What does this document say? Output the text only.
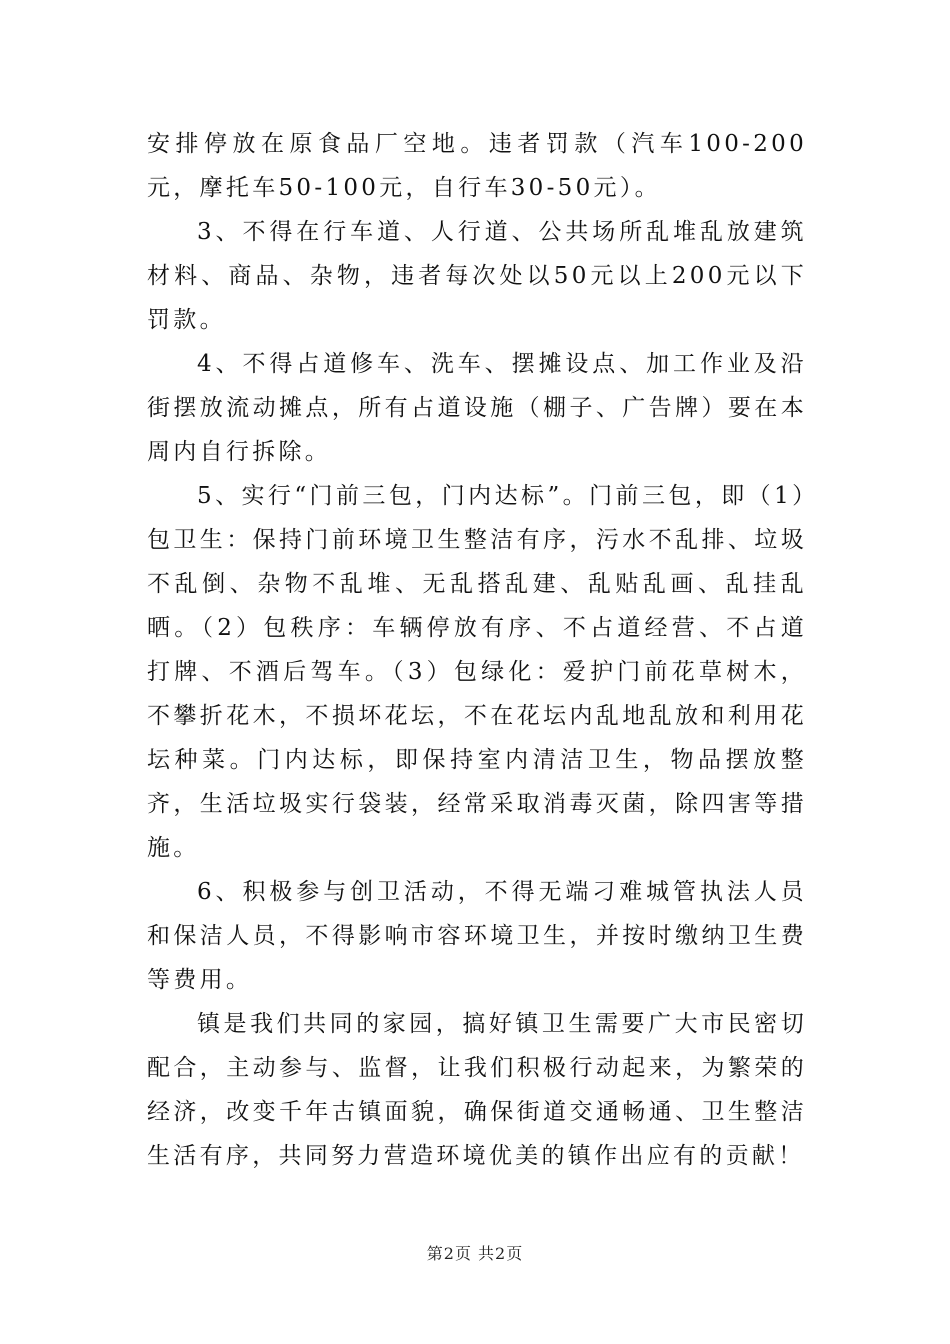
安排停放在原食品厂空地。违者罚款（汽车100-200元，摩托车50-100元，自行车30-50元）。

3、不得在行车道、人行道、公共场所乱堆乱放建筑材料、商品、杂物，违者每次处以50元以上200元以下罚款。

4、不得占道修车、洗车、摆摊设点、加工作业及沿街摆放流动摊点，所有占道设施（棚子、广告牌）要在本周内自行拆除。

5、实行“门前三包，门内达标”。门前三包，即（1）包卫生：保持门前环境卫生整洁有序，污水不乱排、垃圾不乱倒、杂物不乱堆、无乱搭乱建、乱贴乱画、乱挂乱晒。（2）包秩序：车辆停放有序、不占道经营、不占道打牌、不酒后驾车。（3）包绿化：爱护门前花草树木，不攀折花木，不损坏花坛，不在花坛内乱地乱放和利用花坛种菜。门内达标，即保持室内清洁卫生，物品摆放整齐，生活垃圾实行袋装，经常采取消毒灭菌，除四害等措施。

6、积极参与创卫活动，不得无端刁难城管执法人员和保洁人员，不得影响市容环境卫生，并按时缴纳卫生费等费用。

镇是我们共同的家园，搞好镇卫生需要广大市民密切配合，主动参与、监督，让我们积极行动起来，为繁荣的经济，改变千年古镇面貌，确保街道交通畅通、卫生整洁生活有序，共同努力营造环境优美的镇作出应有的贡献！

第2页 共2页
